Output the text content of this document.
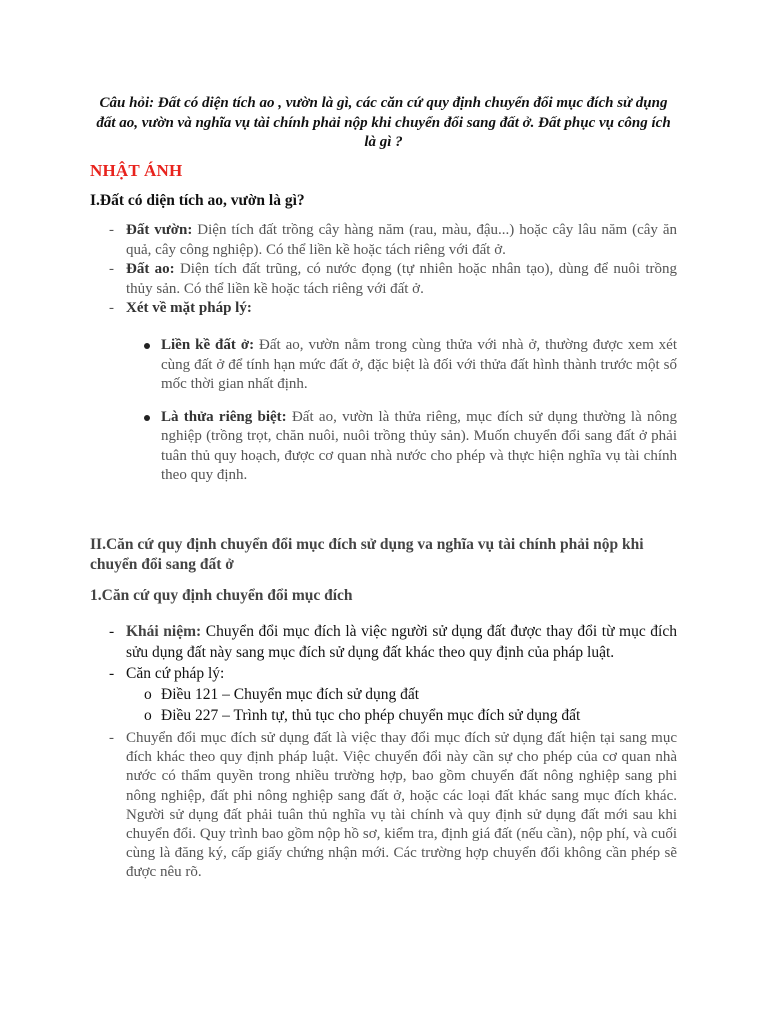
Câu hỏi: Đất có diện tích ao , vườn là gì, các căn cứ quy định chuyển đổi mục đích sử dụng đất ao, vườn và nghĩa vụ tài chính phải nộp khi chuyển đổi sang đất ở. Đất phục vụ công ích là gì ?
NHẬT ÁNH
I.Đất có diện tích ao, vườn là gì?
- Đất vườn: Diện tích đất trồng cây hàng năm (rau, màu, đậu...) hoặc cây lâu năm (cây ăn quả, cây công nghiệp). Có thể liền kề hoặc tách riêng với đất ở.
- Đất ao: Diện tích đất trũng, có nước đọng (tự nhiên hoặc nhân tạo), dùng để nuôi trồng thủy sản. Có thể liền kề hoặc tách riêng với đất ở.
- Xét về mặt pháp lý:
Liền kề đất ở: Đất ao, vườn nằm trong cùng thửa với nhà ở, thường được xem xét cùng đất ở để tính hạn mức đất ở, đặc biệt là đối với thửa đất hình thành trước một số mốc thời gian nhất định.
Là thửa riêng biệt: Đất ao, vườn là thửa riêng, mục đích sử dụng thường là nông nghiệp (trồng trọt, chăn nuôi, nuôi trồng thủy sản). Muốn chuyển đổi sang đất ở phải tuân thủ quy hoạch, được cơ quan nhà nước cho phép và thực hiện nghĩa vụ tài chính theo quy định.
II.Căn cứ quy định chuyển đổi mục đích sử dụng va nghĩa vụ tài chính phải nộp khi chuyển đổi sang đất ở
1.Căn cứ quy định chuyển đổi mục đích
- Khái niệm: Chuyển đổi mục đích là việc người sử dụng đất được thay đổi từ mục đích sửu dụng đất này sang mục đích sử dụng đất khác theo quy định của pháp luật.
- Căn cứ pháp lý:
o Điều 121 – Chuyển mục đích sử dụng đất
o Điều 227 – Trình tự, thủ tục cho phép chuyển mục đích sử dụng đất
- Chuyển đổi mục đích sử dụng đất là việc thay đổi mục đích sử dụng đất hiện tại sang mục đích khác theo quy định pháp luật. Việc chuyển đổi này cần sự cho phép của cơ quan nhà nước có thẩm quyền trong nhiều trường hợp, bao gồm chuyển đất nông nghiệp sang phi nông nghiệp, đất phi nông nghiệp sang đất ở, hoặc các loại đất khác sang mục đích khác. Người sử dụng đất phải tuân thủ nghĩa vụ tài chính và quy định sử dụng đất mới sau khi chuyển đổi. Quy trình bao gồm nộp hồ sơ, kiểm tra, định giá đất (nếu cần), nộp phí, và cuối cùng là đăng ký, cấp giấy chứng nhận mới. Các trường hợp chuyển đổi không cần phép sẽ được nêu rõ.
